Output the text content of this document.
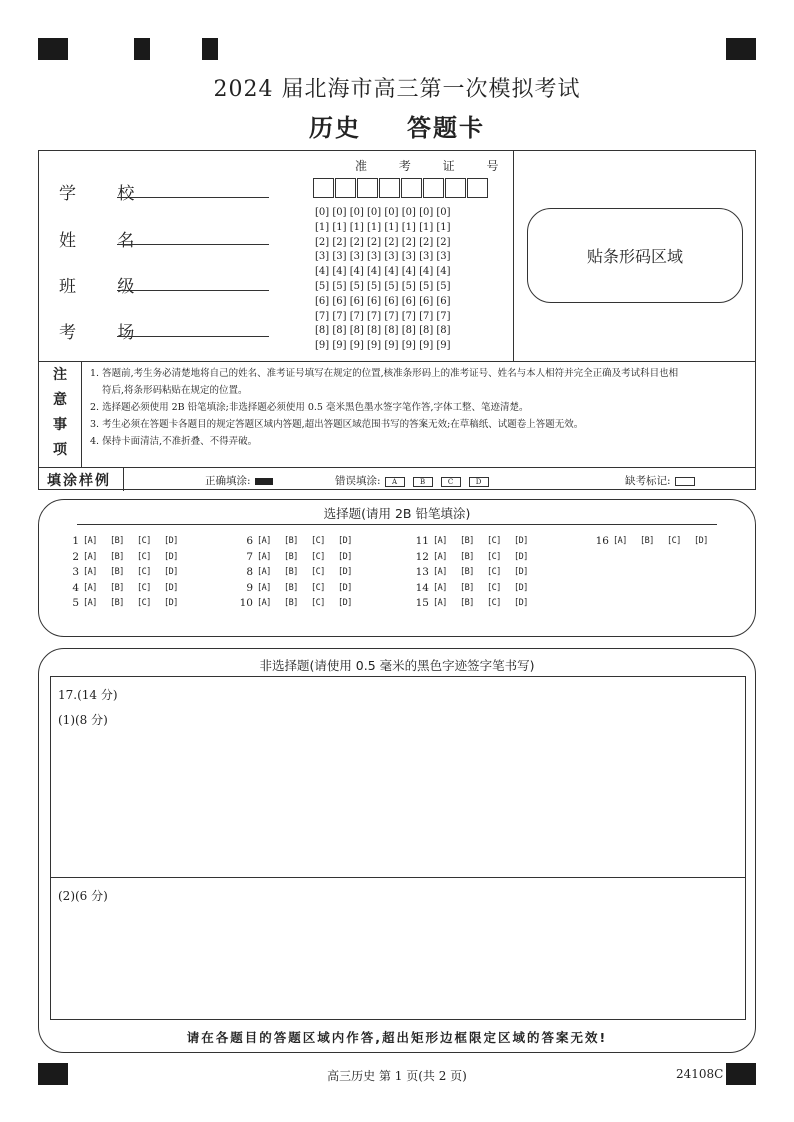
2024 届北海市高三第一次模拟考试
历史 答题卡
学 校
姓 名
班 级
考 场
准 考 证 号
[0] [0] [0] [0] [0] [0] [0] [0]
[1] [1] [1] [1] [1] [1] [1] [1]
[2] [2] [2] [2] [2] [2] [2] [2]
[3] [3] [3] [3] [3] [3] [3] [3]
[4] [4] [4] [4] [4] [4] [4] [4]
[5] [5] [5] [5] [5] [5] [5] [5]
[6] [6] [6] [6] [6] [6] [6] [6]
[7] [7] [7] [7] [7] [7] [7] [7]
[8] [8] [8] [8] [8] [8] [8] [8]
[9] [9] [9] [9] [9] [9] [9] [9]
贴条形码区域
注
意
事
项
1. 答题前,考生务必清楚地将自己的姓名、准考证号填写在规定的位置,核准条形码上的准考证号、姓名与本人相符并完全正确及考试科目也相
符后,将条形码粘贴在规定的位置。
2. 选择题必须使用 2B 铅笔填涂;非选择题必须使用 0.5 毫米黑色墨水签字笔作答,字体工整、笔迹清楚。
3. 考生必须在答题卡各题目的规定答题区域内答题,超出答题区域范围书写的答案无效;在草稿纸、试题卷上答题无效。
4. 保持卡面清洁,不准折叠、不得弄破。
填涂样例	正确填涂:	错误填涂: A	B	C	D	缺考标记:
选择题(请用 2B 铅笔填涂)
1 [A]	[B]	[C]	[D]
2 [A]	[B]	[C]	[D]
3 [A]	[B]	[C]	[D]
4 [A]	[B]	[C]	[D]
5 [A]	[B]	[C]	[D]
6 [A]	[B]	[C]	[D]
7 [A]	[B]	[C]	[D]
8 [A]	[B]	[C]	[D]
9 [A]	[B]	[C]	[D]
10 [A]	[B]	[C]	[D]
11 [A]	[B]	[C]	[D]
12 [A]	[B]	[C]	[D]
13 [A]	[B]	[C]	[D]
14 [A]	[B]	[C]	[D]
15 [A]	[B]	[C]	[D]
16 [A]	[B]	[C]	[D]
非选择题(请使用 0.5 毫米的黑色字迹签字笔书写)
17.(14 分)
(1)(8 分)
(2)(6 分)
请在各题目的答题区域内作答,超出矩形边框限定区域的答案无效!
高三历史 第 1 页(共 2 页)	24108C
